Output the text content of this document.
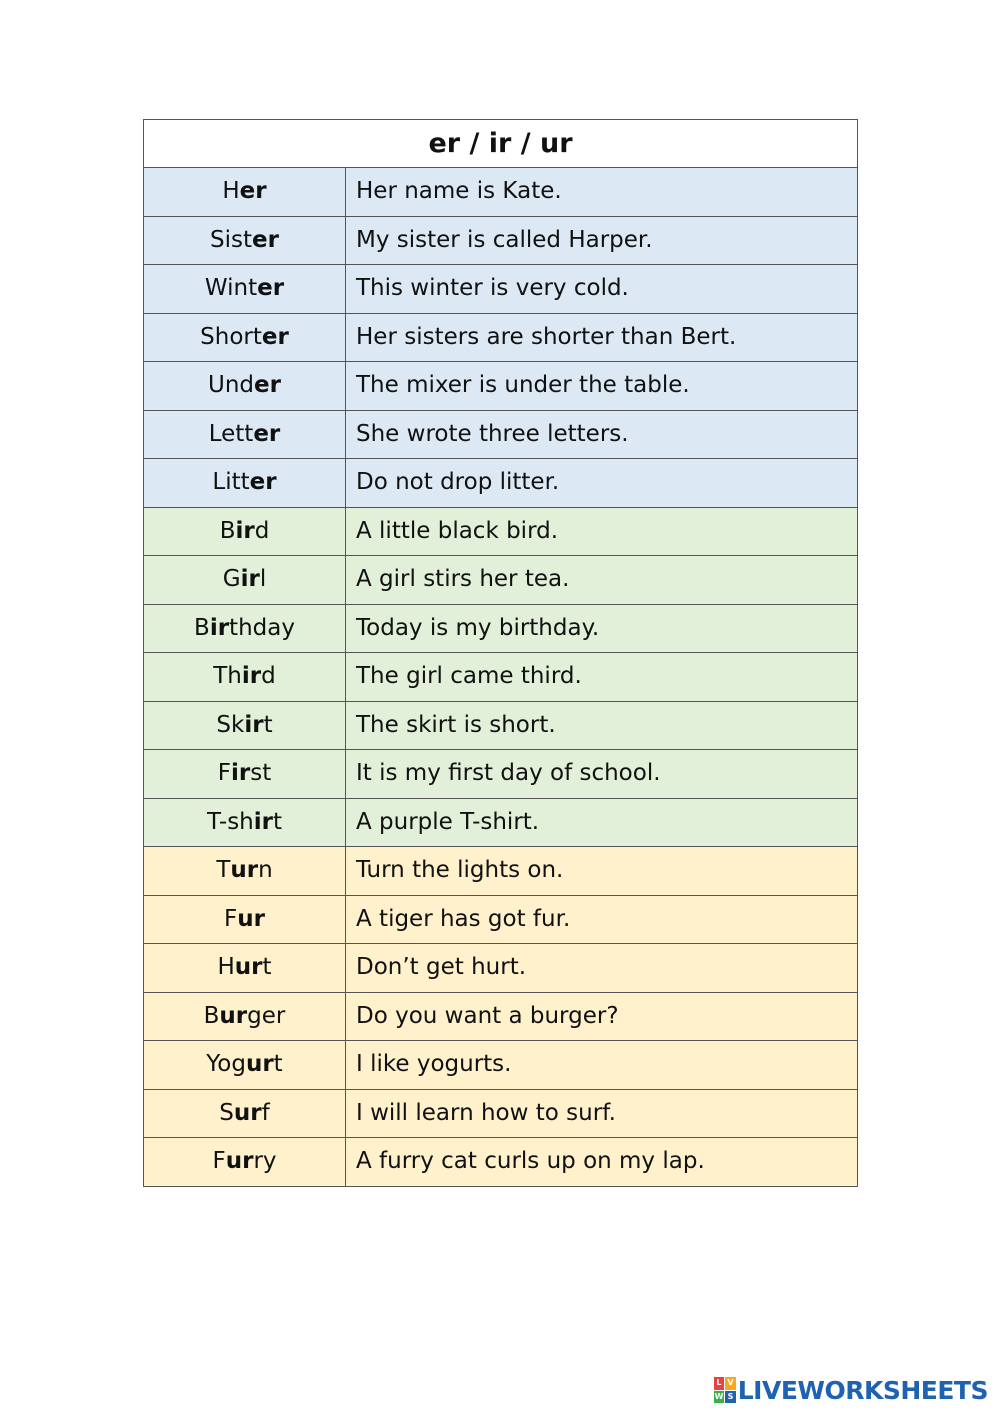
er / ir / ur	
Her	Her name is Kate.
Sister	My sister is called Harper.
Winter	This winter is very cold.
Shorter	Her sisters are shorter than Bert.
Under	The mixer is under the table.
Letter	She wrote three letters.
Litter	Do not drop litter.
Bird	A little black bird.
Girl	A girl stirs her tea.
Birthday	Today is my birthday.
Third	The girl came third.
Skirt	The skirt is short.
First	It is my first day of school.
T-shirt	A purple T-shirt.
Turn	Turn the lights on.
Fur	A tiger has got fur.
Hurt	Don’t get hurt.
Burger	Do you want a burger?
Yogurt	I like yogurts.
Surf	I will learn how to surf.
Furry	A furry cat curls up on my lap.
L V
W S LIVEWORKSHEETS
